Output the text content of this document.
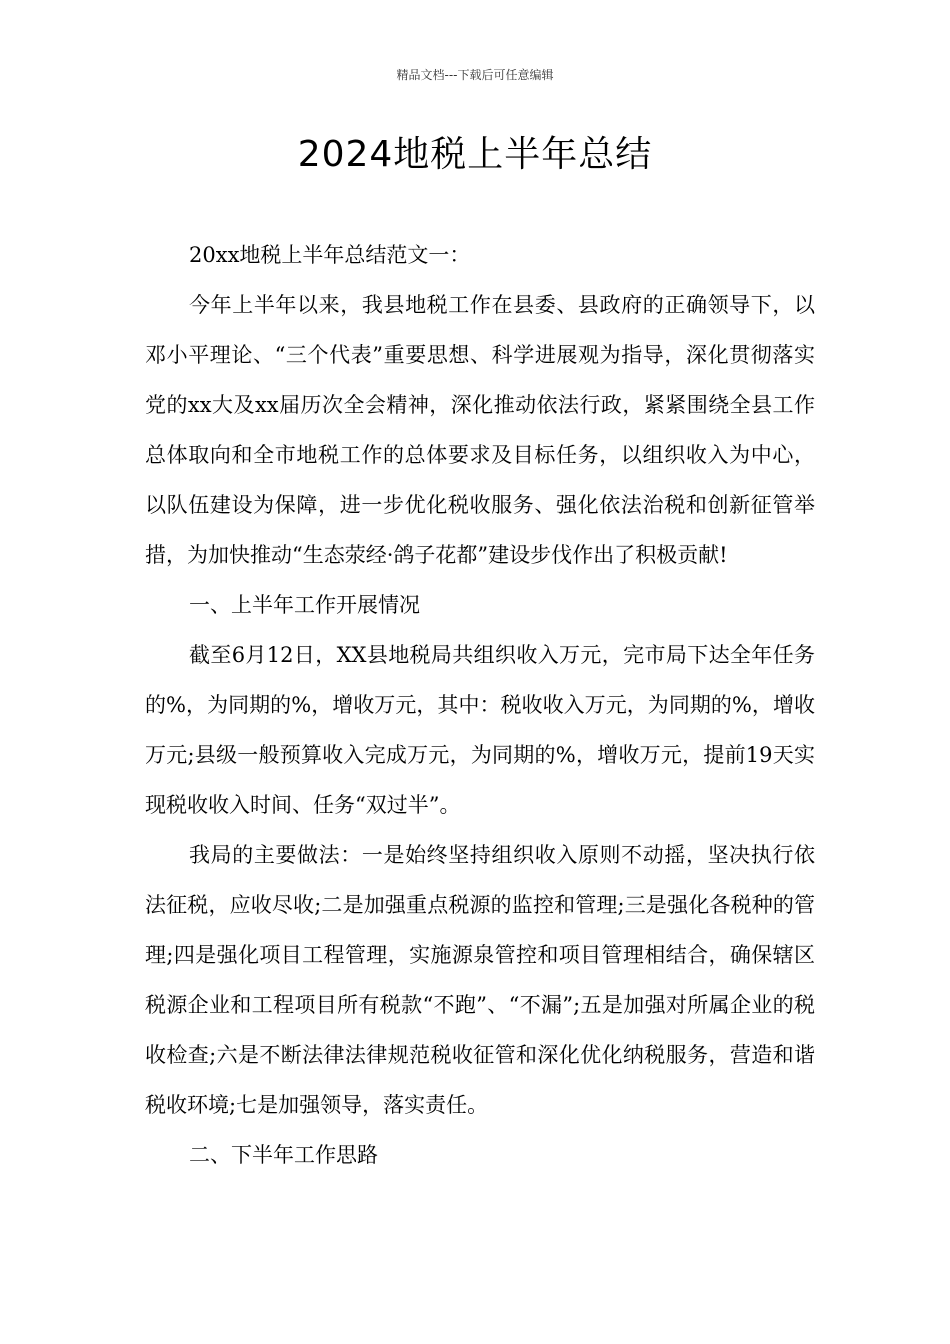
精品文档---下载后可任意编辑
2024地税上半年总结

20xx地税上半年总结范文一：

今年上半年以来，我县地税工作在县委、县政府的正确领导下，以邓小平理论、“三个代表”重要思想、科学进展观为指导，深化贯彻落实党的xx大及xx届历次全会精神，深化推动依法行政，紧紧围绕全县工作总体取向和全市地税工作的总体要求及目标任务，以组织收入为中心，以队伍建设为保障，进一步优化税收服务、强化依法治税和创新征管举措，为加快推动“生态荥经·鸽子花都”建设步伐作出了积极贡献!

一、上半年工作开展情况

截至6月12日，XX县地税局共组织收入万元，完市局下达全年任务的%，为同期的%，增收万元，其中：税收收入万元，为同期的%，增收万元;县级一般预算收入完成万元，为同期的%，增收万元，提前19天实现税收收入时间、任务“双过半”。

我局的主要做法：一是始终坚持组织收入原则不动摇，坚决执行依法征税，应收尽收;二是加强重点税源的监控和管理;三是强化各税种的管理;四是强化项目工程管理，实施源泉管控和项目管理相结合，确保辖区税源企业和工程项目所有税款“不跑”、“不漏”;五是加强对所属企业的税收检查;六是不断法律法律规范税收征管和深化优化纳税服务，营造和谐税收环境;七是加强领导，落实责任。

二、下半年工作思路
